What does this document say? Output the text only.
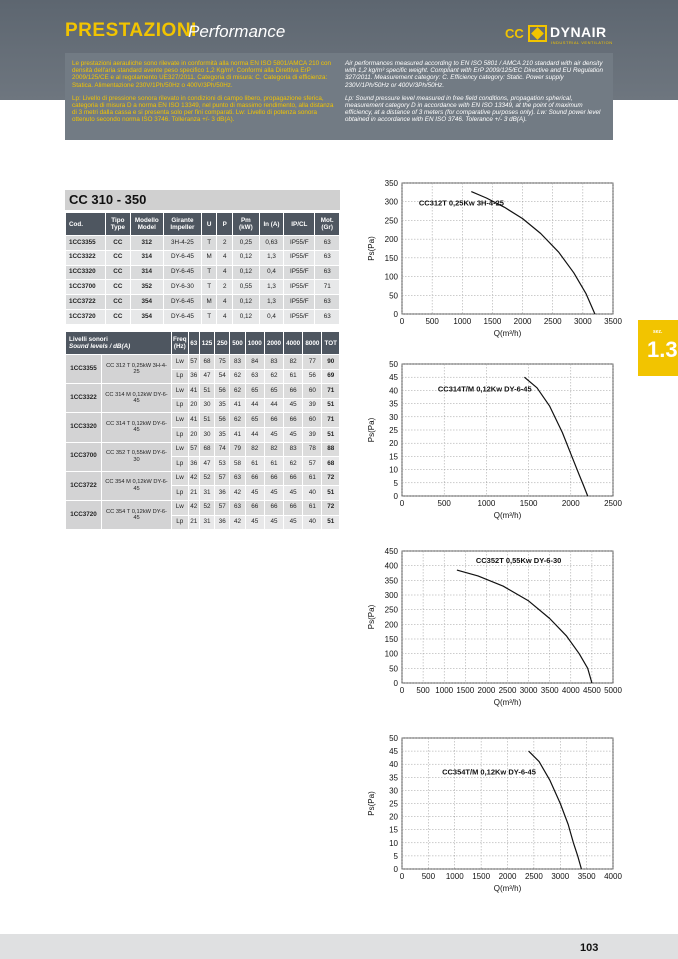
PRESTAZIONI
Performance	CC DYNAIR
INDUSTRIAL VENTILATION

Le prestazioni aerauliche sono rilevate in conformità alla norma EN ISO 5801/AMCA 210 con densità dell'aria standard avente peso specifico 1,2 Kg/m³. Conformi alla Direttiva ErP 2009/125/CE e al regolamento UE327/2011. Categoria di misura: C. Categoria di efficienza: Statica. Alimentazione 230V/1Ph/50Hz o 400V/3Ph/50Hz.

Lp: Livello di pressione sonora rilevato in condizioni di campo libero, propagazione sferica, categoria di misura D a norma EN ISO 13349, nel punto di massimo rendimento, alla distanza di 3 metri dalla cassa e si presenta solo per fini comparati. Lw: Livello di potenza sonora ottenuto secondo norma ISO 3746. Tolleranza +/- 3 dB(A).

Air performances measured according to EN ISO 5801 / AMCA 210 standard with air density with 1,2 kg/m³ specific weight. Compliant with ErP 2009/125/EC Directive and EU Regulation 327/2011. Measurement category: C. Efficiency category: Static. Power supply 230V/1Ph/50Hz or 400V/3Ph/50Hz.

Lp: Sound pressure level measured in free field conditions, propagation spherical, measurement category D in accordance with EN ISO 13349, at the point of maximum efficiency, at a distance of 3 meters (for comparative purposes only). Lw: Sound power level obtained in accordance with EN ISO 3746. Tolerance +/- 3 dB(A).

CC 310 - 350
Cod.	Tipo Type	Modello Model	Girante Impeller	U	P	Pm (kW)	In (A)	IP/CL	Mot. (Gr)
1CC3355	CC	312	3H-4-25	T	2	0,25	0,63	IP55/F	63
1CC3322	CC	314	DY-6-45	M	4	0,12	1,3	IP55/F	63
1CC3320	CC	314	DY-6-45	T	4	0,12	0,4	IP55/F	63
1CC3700	CC	352	DY-6-30	T	2	0,55	1,3	IP55/F	71
1CC3722	CC	354	DY-6-45	M	4	0,12	1,3	IP55/F	63
1CC3720	CC	354	DY-6-45	T	4	0,12	0,4	IP55/F	63
Livelli sonori
Sound levels / dB(A)		Freq (Hz)	63	125	250	500	1000	2000	4000	8000	TOT
1CC3355	CC 312 T 0,25kW 3H-4-25	Lw	57	68	75	83	84	83	82	77	90
		Lp	36	47	54	62	63	62	61	56	69
1CC3322	CC 314 M 0,12kW DY-6-45	Lw	41	51	56	62	65	65	66	60	71
		Lp	20	30	35	41	44	44	45	39	51
1CC3320	CC 314 T 0,12kW DY-6-45	Lw	41	51	56	62	65	66	66	60	71
		Lp	20	30	35	41	44	45	45	39	51
1CC3700	CC 352 T 0,55kW DY-6-30	Lw	57	68	74	79	82	82	83	78	88
		Lp	36	47	53	58	61	61	62	57	68
1CC3722	CC 354 M 0,12kW DY-6-45	Lw	42	52	57	63	66	66	66	61	72
		Lp	21	31	36	42	45	45	45	40	51
1CC3720	CC 354 T 0,12kW DY-6-45	Lw	42	52	57	63	66	66	66	61	72
		Lp	21	31	36	42	45	45	45	40	51
0	500 1000 1500 2000 2500 3000 3500
0
50
100
150
200
250
300
350
CC312T 0,25Kw 3H-4-25
Q(m³/h)
Ps(Pa)
0	500	1000	1500	2000	2500
0
5
10
15
20
25
30
35
40
45
50
CC314T/M 0,12Kw DY-6-45
Q(m³/h)
Ps(Pa)
0 500 1000 1500 2000 2500 3000 3500 4000 4500 5000
0
50
100
150
200
250
300
350
400
450
CC352T 0,55Kw DY-6-30
Q(m³/h)
Ps(Pa)
0 500 1000 1500 2000 2500 3000 3500 4000
0
5
10
15
20
25
30
35
40
45
50
CC354T/M 0,12Kw DY-6-45
Q(m³/h)
Ps(Pa)
sez.
1.3
103
